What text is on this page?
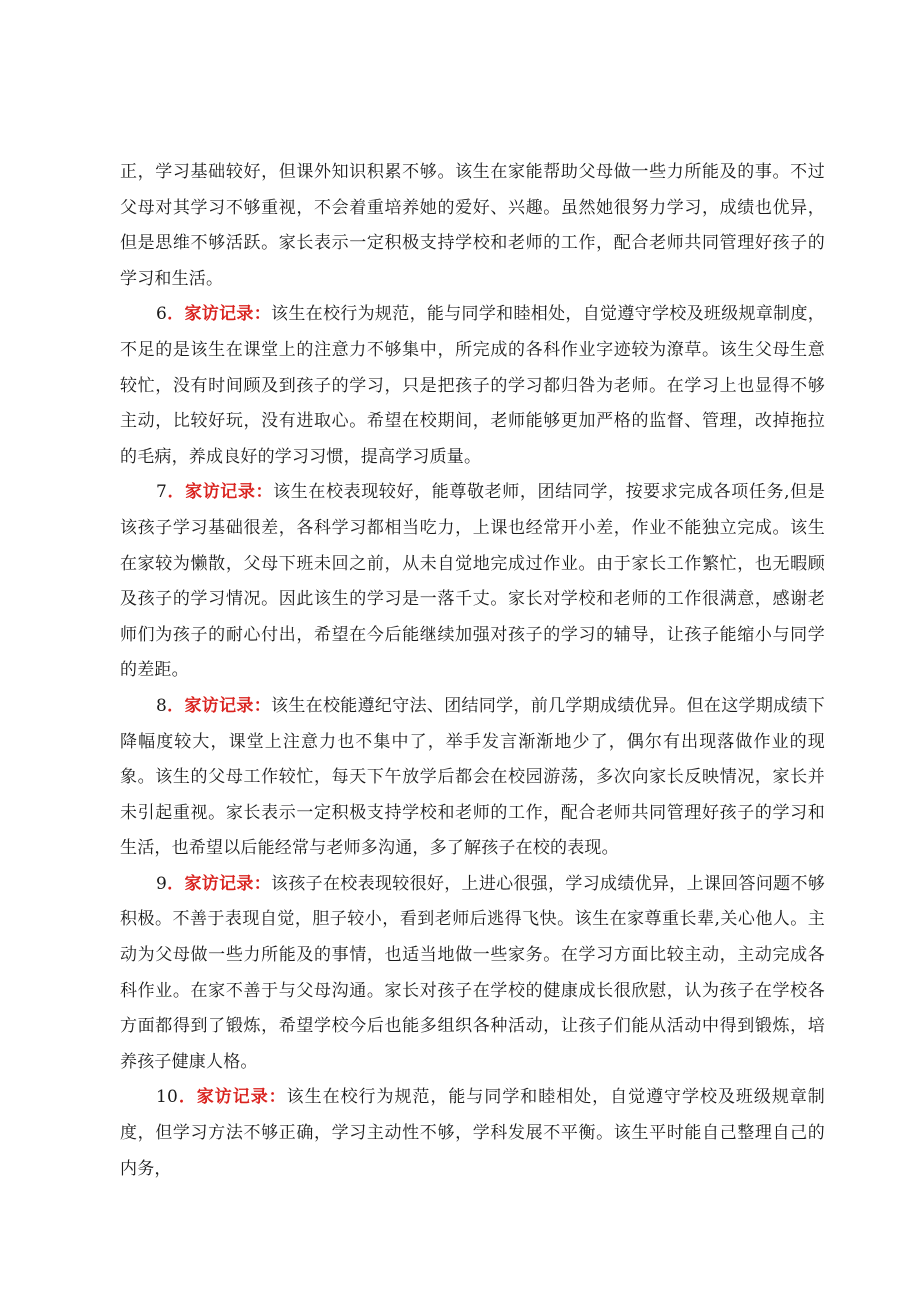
正，学习基础较好，但课外知识积累不够。该生在家能帮助父母做一些力所能及的事。不过父母对其学习不够重视，不会着重培养她的爱好、兴趣。虽然她很努力学习，成绩也优异，但是思维不够活跃。家长表示一定积极支持学校和老师的工作，配合老师共同管理好孩子的学习和生活。

6．家访记录：该生在校行为规范，能与同学和睦相处，自觉遵守学校及班级规章制度，不足的是该生在课堂上的注意力不够集中，所完成的各科作业字迹较为潦草。该生父母生意较忙，没有时间顾及到孩子的学习，只是把孩子的学习都归咎为老师。在学习上也显得不够主动，比较好玩，没有进取心。希望在校期间，老师能够更加严格的监督、管理，改掉拖拉的毛病，养成良好的学习习惯，提高学习质量。

7．家访记录：该生在校表现较好，能尊敬老师，团结同学，按要求完成各项任务,但是该孩子学习基础很差，各科学习都相当吃力，上课也经常开小差，作业不能独立完成。该生在家较为懒散，父母下班未回之前，从未自觉地完成过作业。由于家长工作繁忙，也无暇顾及孩子的学习情况。因此该生的学习是一落千丈。家长对学校和老师的工作很满意，感谢老师们为孩子的耐心付出，希望在今后能继续加强对孩子的学习的辅导，让孩子能缩小与同学的差距。

8．家访记录：该生在校能遵纪守法、团结同学，前几学期成绩优异。但在这学期成绩下降幅度较大，课堂上注意力也不集中了，举手发言渐渐地少了，偶尔有出现落做作业的现象。该生的父母工作较忙，每天下午放学后都会在校园游荡，多次向家长反映情况，家长并未引起重视。家长表示一定积极支持学校和老师的工作，配合老师共同管理好孩子的学习和生活，也希望以后能经常与老师多沟通，多了解孩子在校的表现。

9．家访记录：该孩子在校表现较很好，上进心很强，学习成绩优异，上课回答问题不够积极。不善于表现自觉，胆子较小，看到老师后逃得飞快。该生在家尊重长辈,关心他人。主动为父母做一些力所能及的事情，也适当地做一些家务。在学习方面比较主动，主动完成各科作业。在家不善于与父母沟通。家长对孩子在学校的健康成长很欣慰，认为孩子在学校各方面都得到了锻炼，希望学校今后也能多组织各种活动，让孩子们能从活动中得到锻炼，培养孩子健康人格。

10．家访记录：该生在校行为规范，能与同学和睦相处，自觉遵守学校及班级规章制度，但学习方法不够正确，学习主动性不够，学科发展不平衡。该生平时能自己整理自己的内务，
